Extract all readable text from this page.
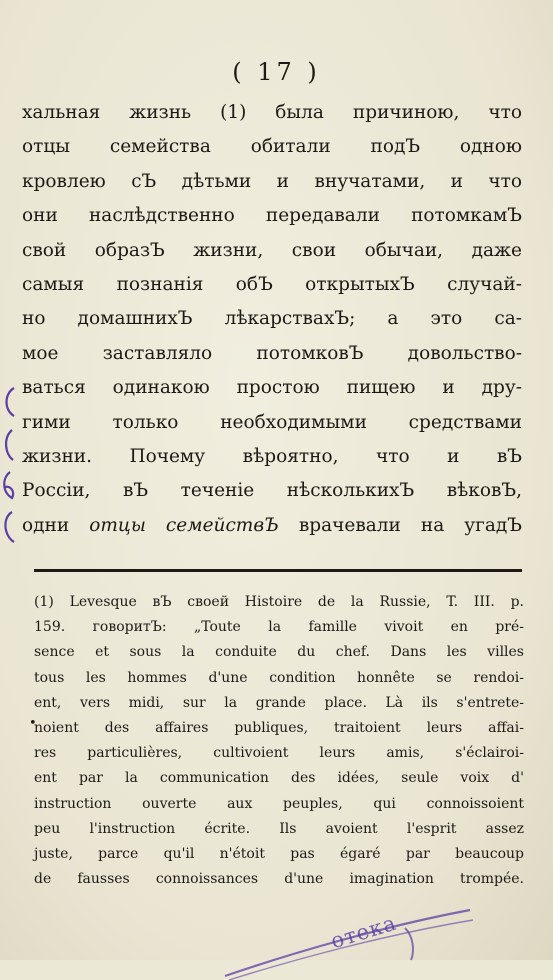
( 17 )
хальная жизнь (1) была причиною, что
отцы семейства обитали подЪ одною
кровлею сЪ дѣтьми и внучатами, и что
они наслѣдственно передавали потомкамЪ
свой образЪ жизни, свои обычаи, даже
самыя познанія обЪ открытыхЪ случай-
но домашнихЪ лѣкарствахЪ; а это са-
мое заставляло потомковЪ довольство-
ваться одинакою простою пищею и дру-
гими только необходимыми средствами
жизни. Почему вѣроятно, что и вЪ
Россіи, вЪ теченіе нѣсколькихЪ вѣковЪ,
одни отцы семействЪ врачевали на угадЪ
•
(1) Levesque вЪ своей Histoire de la Russie, T. III. p.
159. говоритЪ: „Toute la famille vivoit en pré-
sence et sous la conduite du chef. Dans les villes
tous les hommes d'une condition honnête se rendoi-
ent, vers midi, sur la grande place. Là ils s'entrete-
noient des affaires publiques, traitoient leurs affai-
res particulières, cultivoient leurs amis, s'éclairoi-
ent par la communication des idées, seule voix d'
instruction ouverte aux peuples, qui connoissoient
peu l'instruction écrite. Ils avoient l'esprit assez
juste, parce qu'il n'étoit pas égaré par beaucoup
de fausses connoissances d'une imagination trompée.
отека
